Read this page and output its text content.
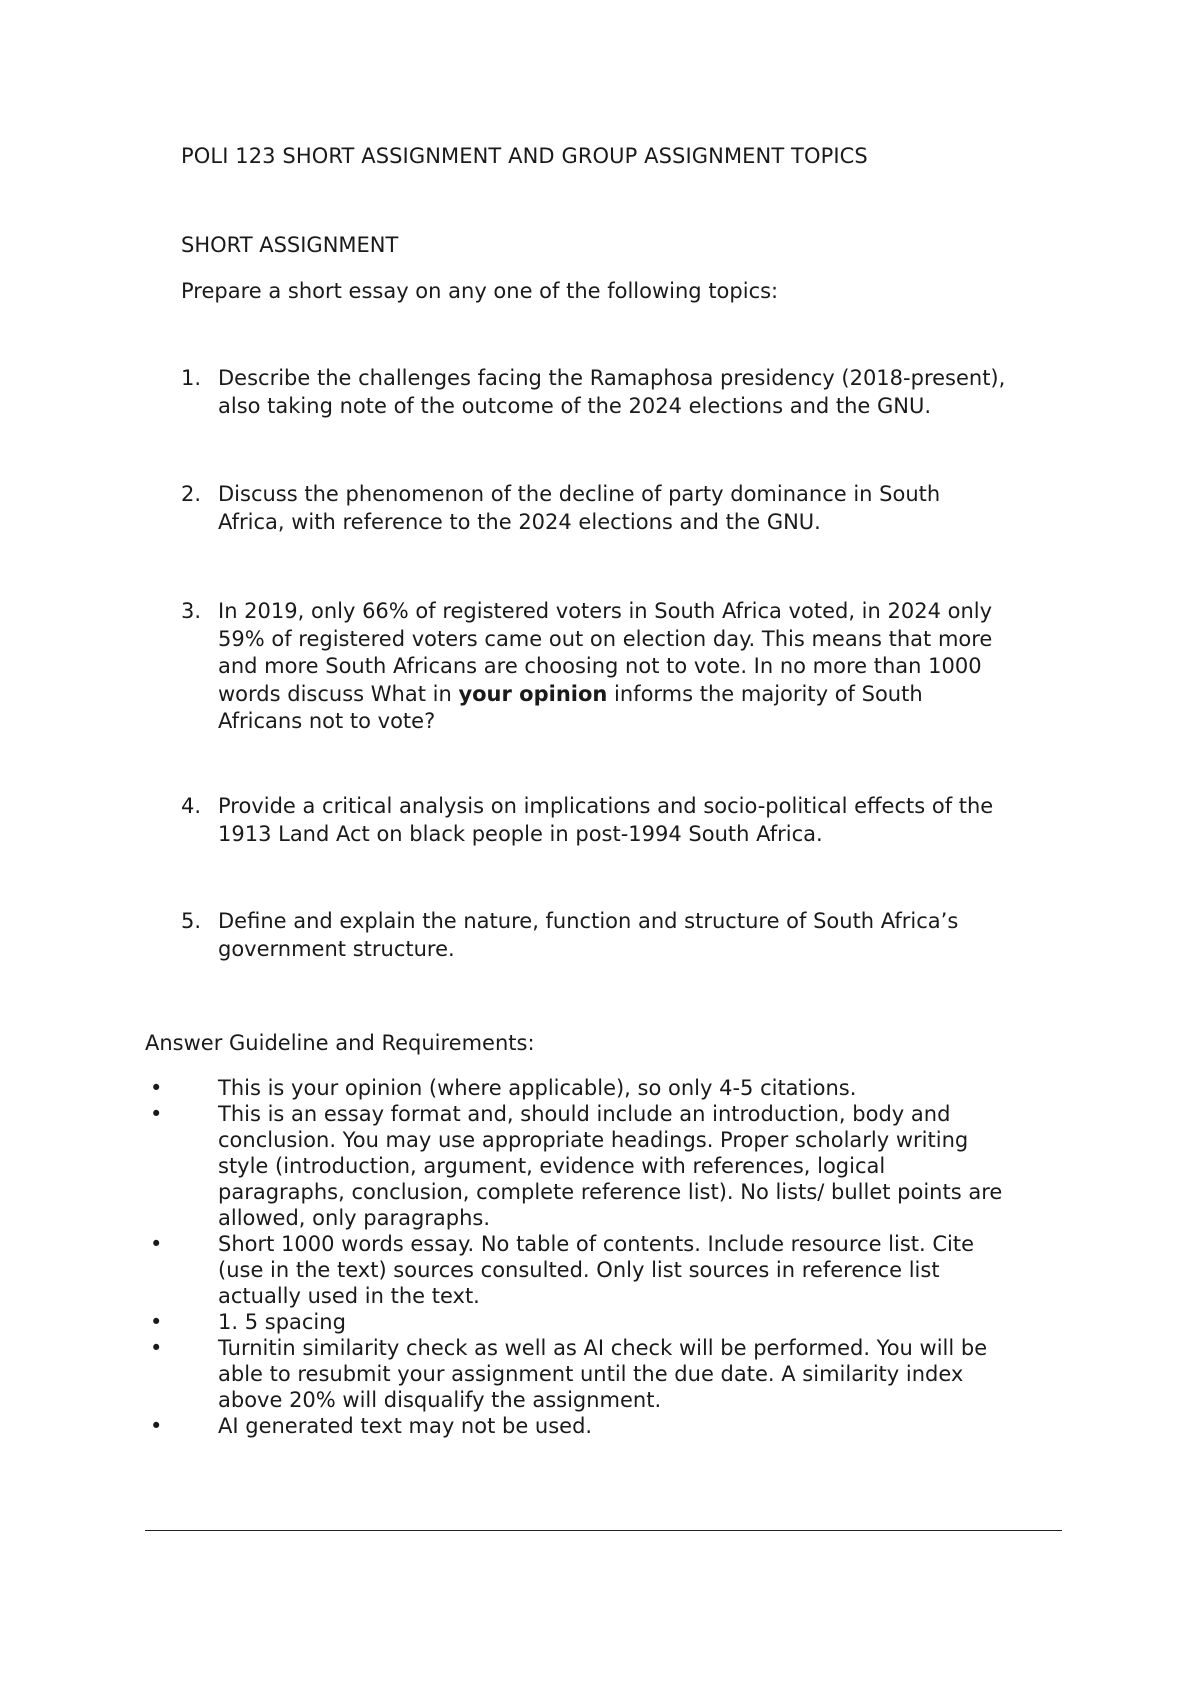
POLI 123 SHORT ASSIGNMENT AND GROUP ASSIGNMENT TOPICS
SHORT ASSIGNMENT
Prepare a short essay on any one of the following topics:
1. Describe the challenges facing the Ramaphosa presidency (2018-present),
also taking note of the outcome of the 2024 elections and the GNU.
2. Discuss the phenomenon of the decline of party dominance in South
Africa, with reference to the 2024 elections and the GNU.
3. In 2019, only 66% of registered voters in South Africa voted, in 2024 only
59% of registered voters came out on election day. This means that more
and more South Africans are choosing not to vote. In no more than 1000
words discuss What in your opinion informs the majority of South
Africans not to vote?
4. Provide a critical analysis on implications and socio-political effects of the
1913 Land Act on black people in post-1994 South Africa.
5. Define and explain the nature, function and structure of South Africa’s
government structure.
Answer Guideline and Requirements:
•	This is your opinion (where applicable), so only 4-5 citations.
•	This is an essay format and, should include an introduction, body and
conclusion. You may use appropriate headings. Proper scholarly writing
style (introduction, argument, evidence with references, logical
paragraphs, conclusion, complete reference list). No lists/ bullet points are
allowed, only paragraphs.
•	Short 1000 words essay. No table of contents. Include resource list. Cite
(use in the text) sources consulted. Only list sources in reference list
actually used in the text.
•	1. 5 spacing
•	Turnitin similarity check as well as AI check will be performed. You will be
able to resubmit your assignment until the due date. A similarity index
above 20% will disqualify the assignment.
•	AI generated text may not be used.
